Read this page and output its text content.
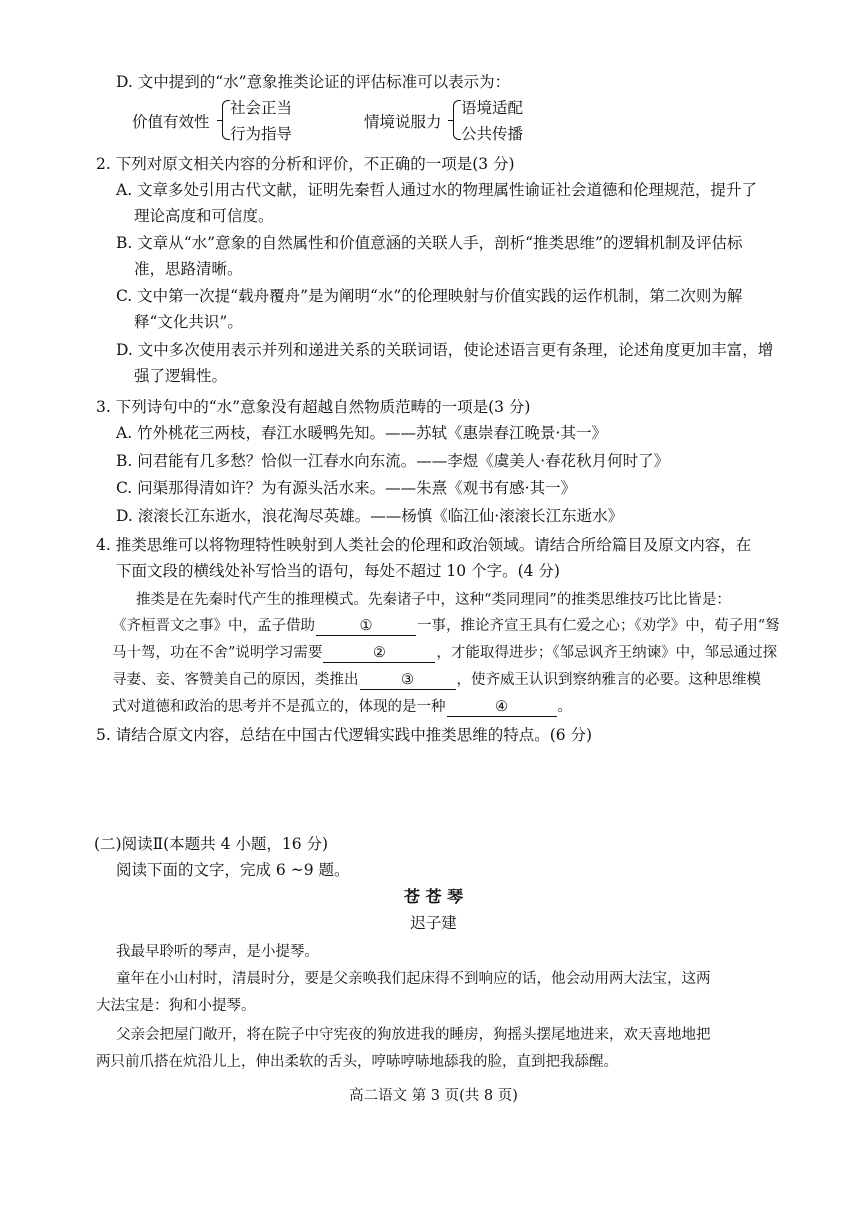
D. 文中提到的“水”意象推类论证的评估标准可以表示为：
价值有效性
社会正当
行为指导
情境说服力
语境适配
公共传播
2. 下列对原文相关内容的分析和评价，不正确的一项是(3 分)
A. 文章多处引用古代文献，证明先秦哲人通过水的物理属性谕证社会道德和伦理规范，提升了
理论高度和可信度。
B. 文章从“水”意象的自然属性和价值意涵的关联人手，剖析“推类思维”的逻辑机制及评估标
准，思路清晰。
C. 文中第一次提“载舟覆舟”是为阐明“水”的伦理映射与价值实践的运作机制，第二次则为解
释“文化共识”。
D. 文中多次使用表示并列和递进关系的关联词语，使论述语言更有条理，论述角度更加丰富，增
强了逻辑性。
3. 下列诗句中的“水”意象没有超越自然物质范畴的一项是(3 分)
A. 竹外桃花三两枝，春江水暖鸭先知。——苏轼《惠崇春江晚景·其一》
B. 问君能有几多愁？恰似一江春水向东流。——李煜《虞美人·春花秋月何时了》
C. 问渠那得清如许？为有源头活水来。——朱熹《观书有感·其一》
D. 滚滚长江东逝水，浪花淘尽英雄。——杨慎《临江仙·滚滚长江东逝水》
4. 推类思维可以将物理特性映射到人类社会的伦理和政治领域。请结合所给篇目及原文内容，在
下面文段的横线处补写恰当的语句，每处不超过 10 个字。(4 分)
推类是在先秦时代产生的推理模式。先秦诸子中，这种“类同理同”的推类思维技巧比比皆是：
《齐桓晋文之事》中，孟子借助	①	一事，推论齐宣王具有仁爱之心；《劝学》中，荀子用“驽
马十驾，功在不舍”说明学习需要	②	，才能取得进步；《邹忌讽齐王纳谏》中，邹忌通过探
寻妻、妾、客赞美自己的原因，类推出	③	，使齐威王认识到察纳雅言的必要。这种思维模
式对道德和政治的思考并不是孤立的，体现的是一种	④	。
5. 请结合原文内容，总结在中国古代逻辑实践中推类思维的特点。(6 分)
(二)阅读Ⅱ(本题共 4 小题，16 分)
阅读下面的文字，完成 6 ~9 题。
苍 苍 琴
迟子建
我最早聆听的琴声，是小提琴。
童年在小山村时，清晨时分，要是父亲唤我们起床得不到响应的话，他会动用两大法宝，这两
大法宝是：狗和小提琴。
父亲会把屋门敞开，将在院子中守宪夜的狗放进我的睡房，狗摇头摆尾地进来，欢天喜地地把
两只前爪搭在炕沿儿上，伸出柔软的舌头，哼哧哼哧地舔我的脸，直到把我舔醒。
高二语文 第 3 页(共 8 页)
